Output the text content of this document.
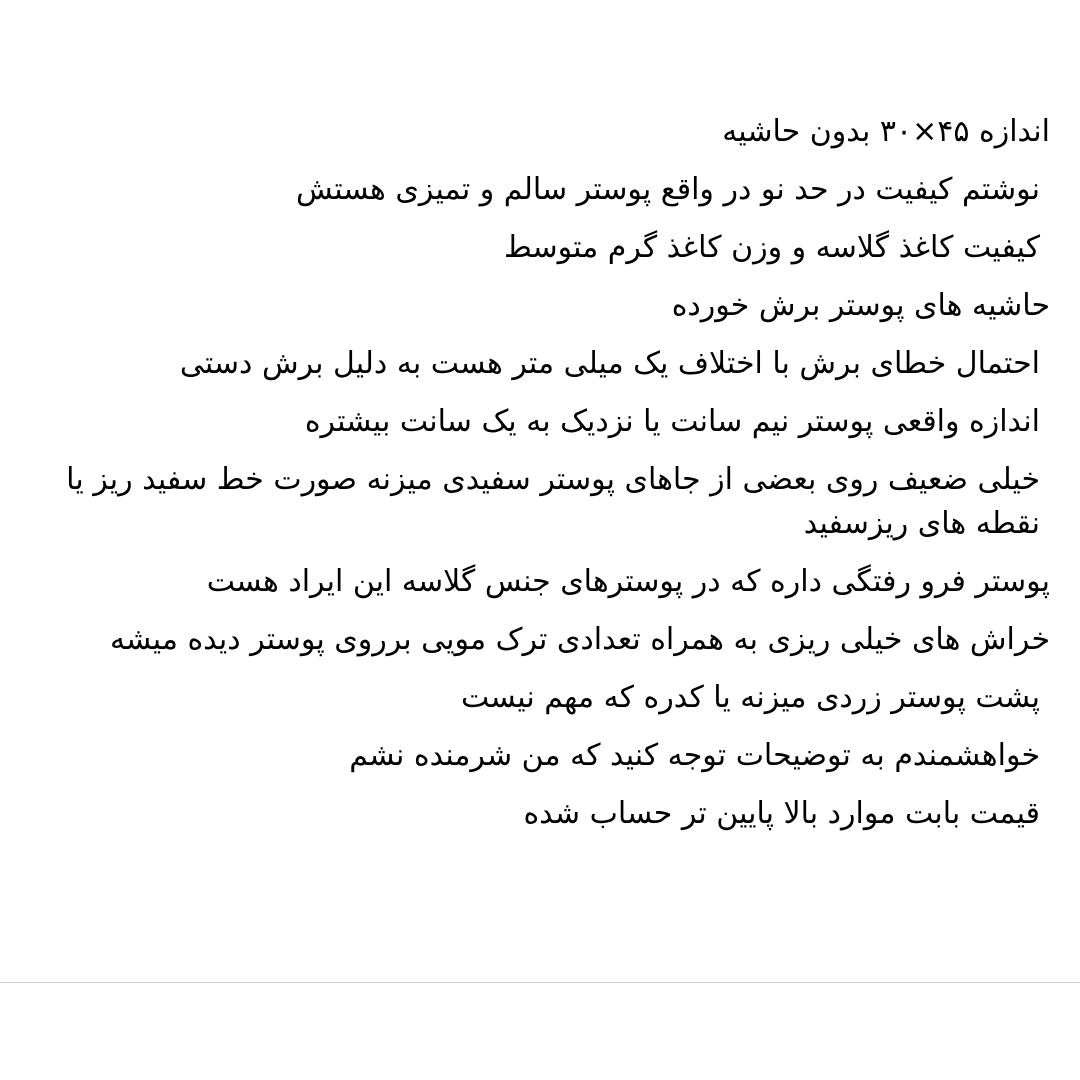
اندازه ۴۵×۳۰ بدون حاشیه

نوشتم کیفیت در حد نو در واقع پوستر سالم و تمیزی هستش

کیفیت کاغذ گلاسه و وزن کاغذ گرم متوسط

حاشیه های پوستر برش خورده

احتمال خطای برش با اختلاف یک میلی متر هست به دلیل برش دستی

اندازه واقعی پوستر نیم سانت یا نزدیک به یک سانت بیشتره

خیلی ضعیف روی بعضی از جاهای پوستر سفیدی میزنه صورت خط سفید ریز یا نقطه های ریزسفید

پوستر فرو رفتگی داره که در پوسترهای جنس گلاسه این ایراد هست

خراش های خیلی ریزی به همراه تعدادی ترک مویی برروی پوستر دیده میشه

پشت پوستر زردی میزنه یا کدره که مهم نیست

خواهشمندم به توضیحات توجه کنید که من شرمنده نشم

قیمت بابت موارد بالا پایین تر حساب شده
